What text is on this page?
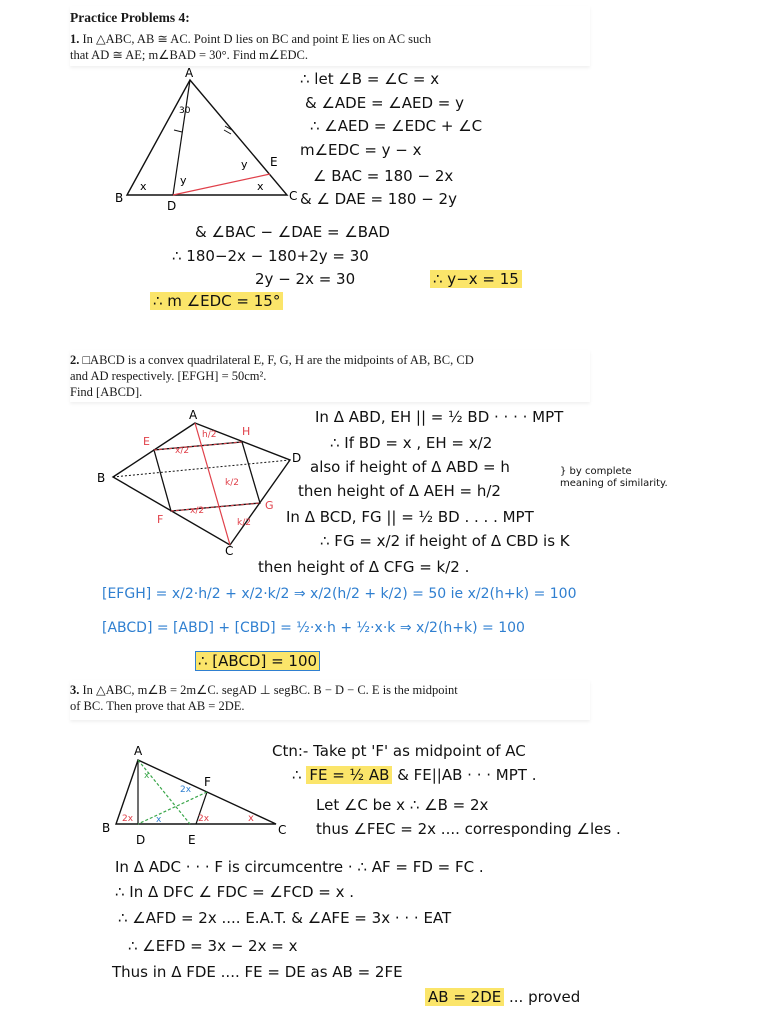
Practice Problems 4:
1. In △ABC, AB ≅ AC. Point D lies on BC and point E lies on AC such
that AD ≅ AE; m∠BAD = 30°. Find m∠EDC.
A
B	C
D
E
30
x	x
y
y
∴ let ∠B = ∠C = x
& ∠ADE = ∠AED = y
∴ ∠AED = ∠EDC + ∠C
m∠EDC = y − x
∠ BAC = 180 − 2x
& ∠ DAE = 180 − 2y
& ∠BAC − ∠DAE = ∠BAD
∴ 180−2x − 180+2y = 30
2y − 2x = 30	∴ y−x = 15
∴ m ∠EDC = 15°
2. □ABCD is a convex quadrilateral E, F, G, H are the midpoints of AB, BC, CD
and AD respectively. [EFGH] = 50cm².
Find [ABCD].
A
B
C
D
E
F
G
H
x/2
x/2
h/2
k/2
k/2
In Δ ABD, EH || = ½ BD · · · · MPT
∴ If BD = x , EH = x/2
also if height of Δ ABD = h
then height of Δ AEH = h/2
} by complete meaning of similarity.
In Δ BCD, FG || = ½ BD . . . . MPT
∴ FG = x/2 if height of Δ CBD is K
then height of Δ CFG = k/2 .
[EFGH] = x/2·h/2 + x/2·k/2 ⇒ x/2(h/2 + k/2) = 50 ie x/2(h+k) = 100
[ABCD] = [ABD] + [CBD] = ½·x·h + ½·x·k ⇒ x/2(h+k) = 100
∴ [ABCD] = 100
3. In △ABC, m∠B = 2m∠C. segAD ⊥ segBC. B − D − C. E is the midpoint
of BC. Then prove that AB = 2DE.
A
B	C
D	E
F
x
x	x
2x	2x
2x
Ctn:- Take pt 'F' as midpoint of AC
∴ FE = ½ AB & FE||AB · · · MPT .
Let ∠C be x ∴ ∠B = 2x
thus ∠FEC = 2x .... corresponding ∠les .
In Δ ADC · · · F is circumcentre · ∴ AF = FD = FC .
∴ In Δ DFC ∠ FDC = ∠FCD = x .
∴ ∠AFD = 2x .... E.A.T. & ∠AFE = 3x · · · EAT
∴ ∠EFD = 3x − 2x = x
Thus in Δ FDE .... FE = DE as AB = 2FE
AB = 2DE ... proved
